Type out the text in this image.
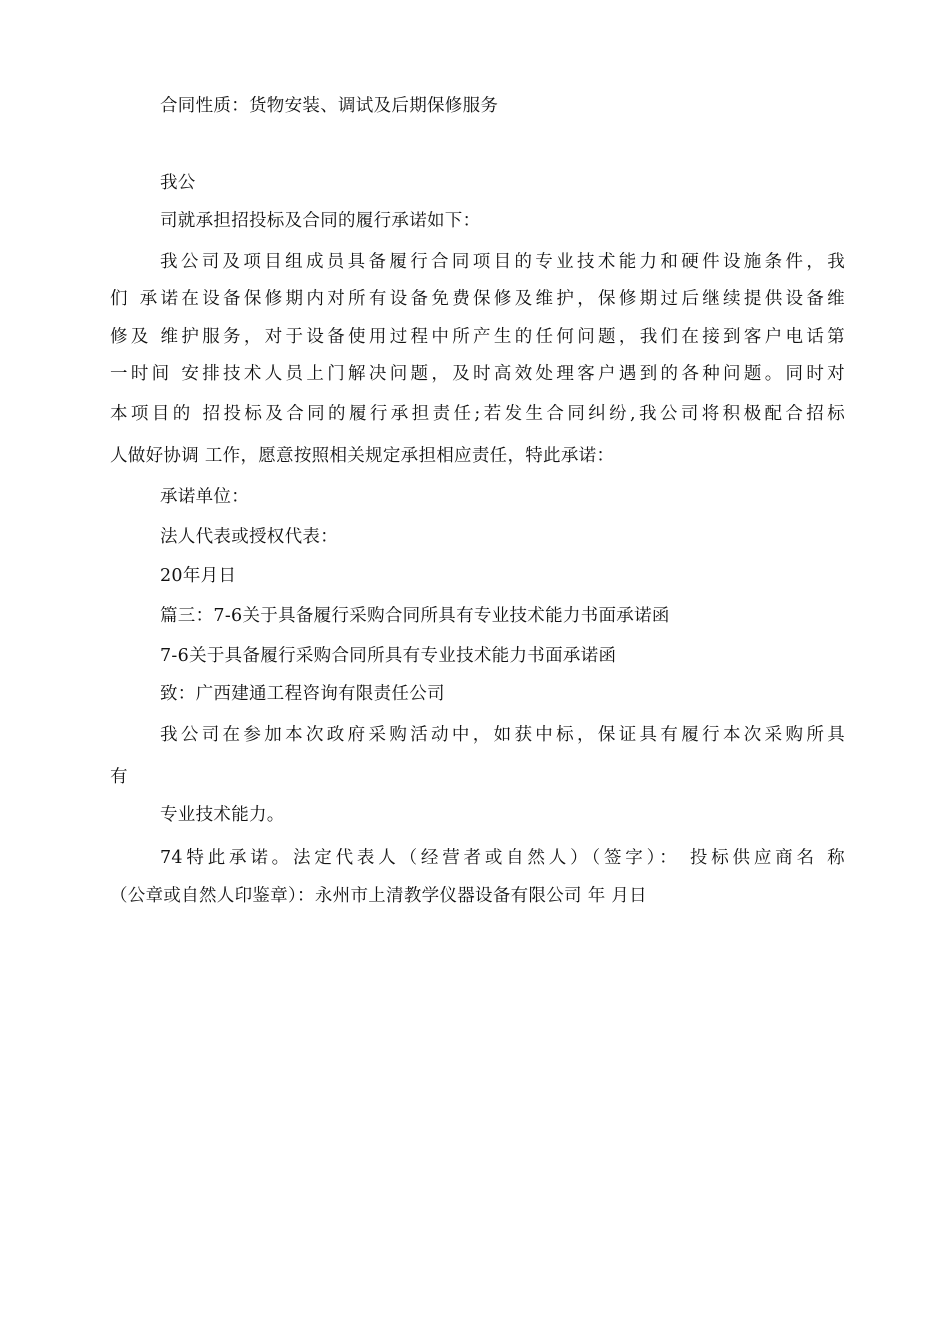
合同性质：货物安装、调试及后期保修服务
我公
司就承担招投标及合同的履行承诺如下：
我公司及项目组成员具备履行合同项目的专业技术能力和硬件设施条件，我
们 承诺在设备保修期内对所有设备免费保修及维护，保修期过后继续提供设备维
修及 维护服务，对于设备使用过程中所产生的任何问题，我们在接到客户电话第
一时间 安排技术人员上门解决问题，及时高效处理客户遇到的各种问题。同时对
本项目的 招投标及合同的履行承担责任;若发生合同纠纷,我公司将积极配合招标
人做好协调 工作，愿意按照相关规定承担相应责任，特此承诺：
承诺单位：
法人代表或授权代表：
20年月日
篇三：7-6关于具备履行采购合同所具有专业技术能力书面承诺函
7-6关于具备履行采购合同所具有专业技术能力书面承诺函
致：广西建通工程咨询有限责任公司
我公司在参加本次政府采购活动中，如获中标，保证具有履行本次采购所具
有
专业技术能力。
74特此承诺。法定代表人（经营者或自然人）（签字）： 投标供应商名 称
（公章或自然人印鉴章）：永州市上清教学仪器设备有限公司 年 月日
